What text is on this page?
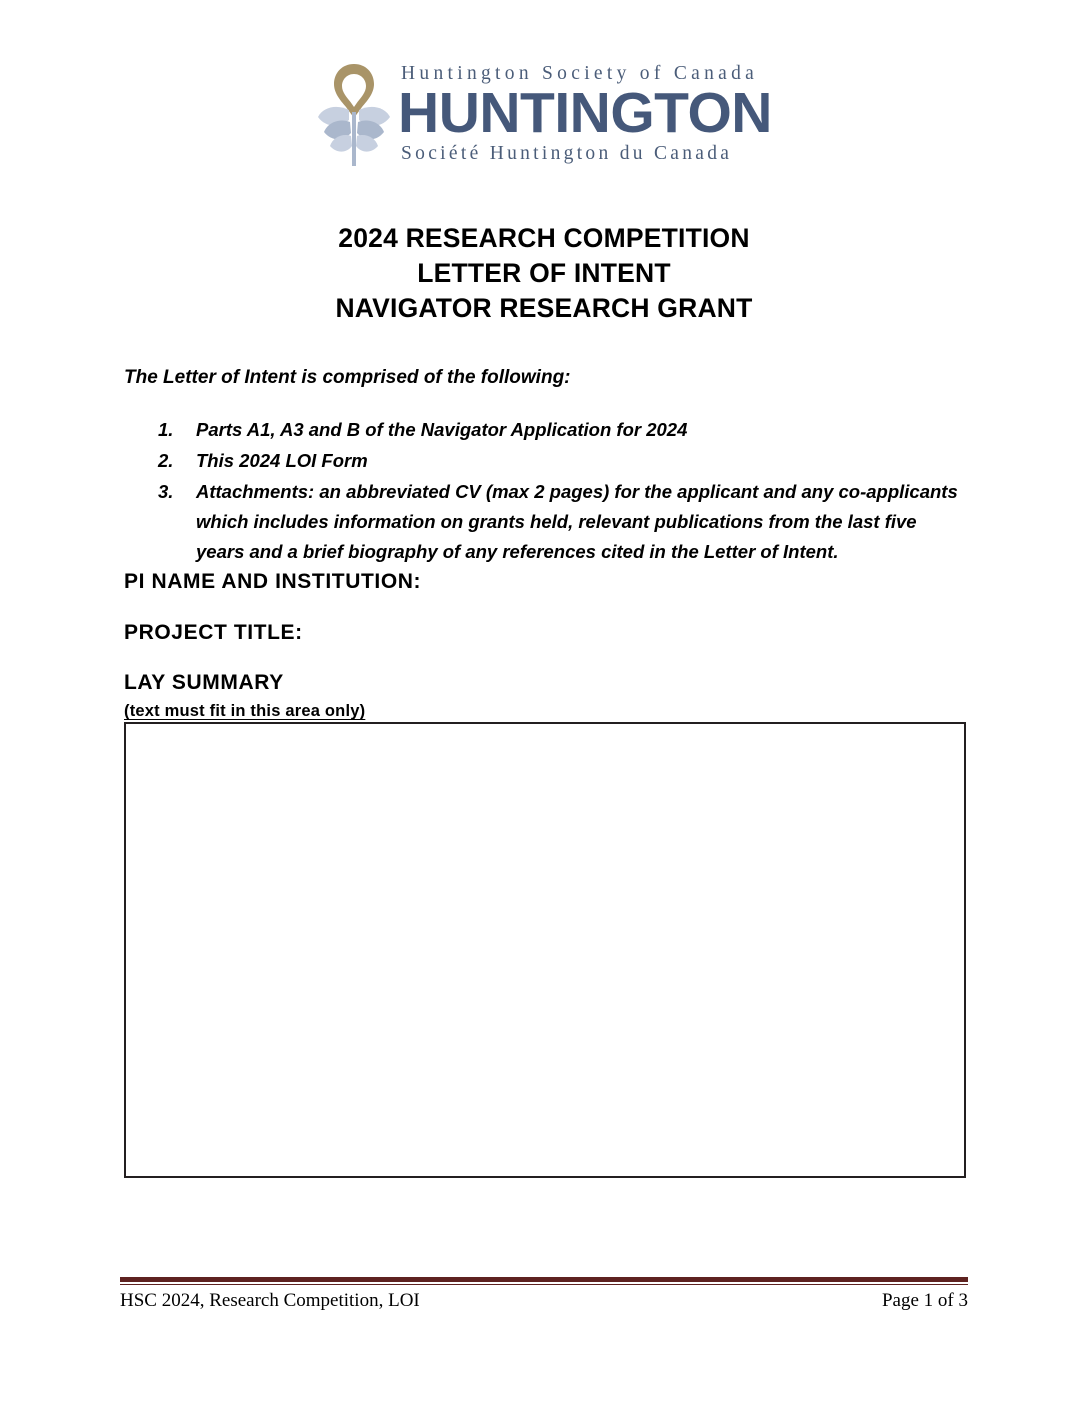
Huntington Society of Canada
HUNTINGTON
Société Huntington du Canada
2024 RESEARCH COMPETITION
LETTER OF INTENT
NAVIGATOR RESEARCH GRANT

The Letter of Intent is comprised of the following:

1.	Parts A1, A3 and B of the Navigator Application for 2024
2.	This 2024 LOI Form
3.	Attachments: an abbreviated CV (max 2 pages) for the applicant and any co-applicants which includes information on grants held, relevant publications from the last five years and a brief biography of any references cited in the Letter of Intent.
PI NAME AND INSTITUTION:
PROJECT TITLE:
LAY SUMMARY
(text must fit in this area only)
HSC 2024, Research Competition, LOI	Page 1 of 3
